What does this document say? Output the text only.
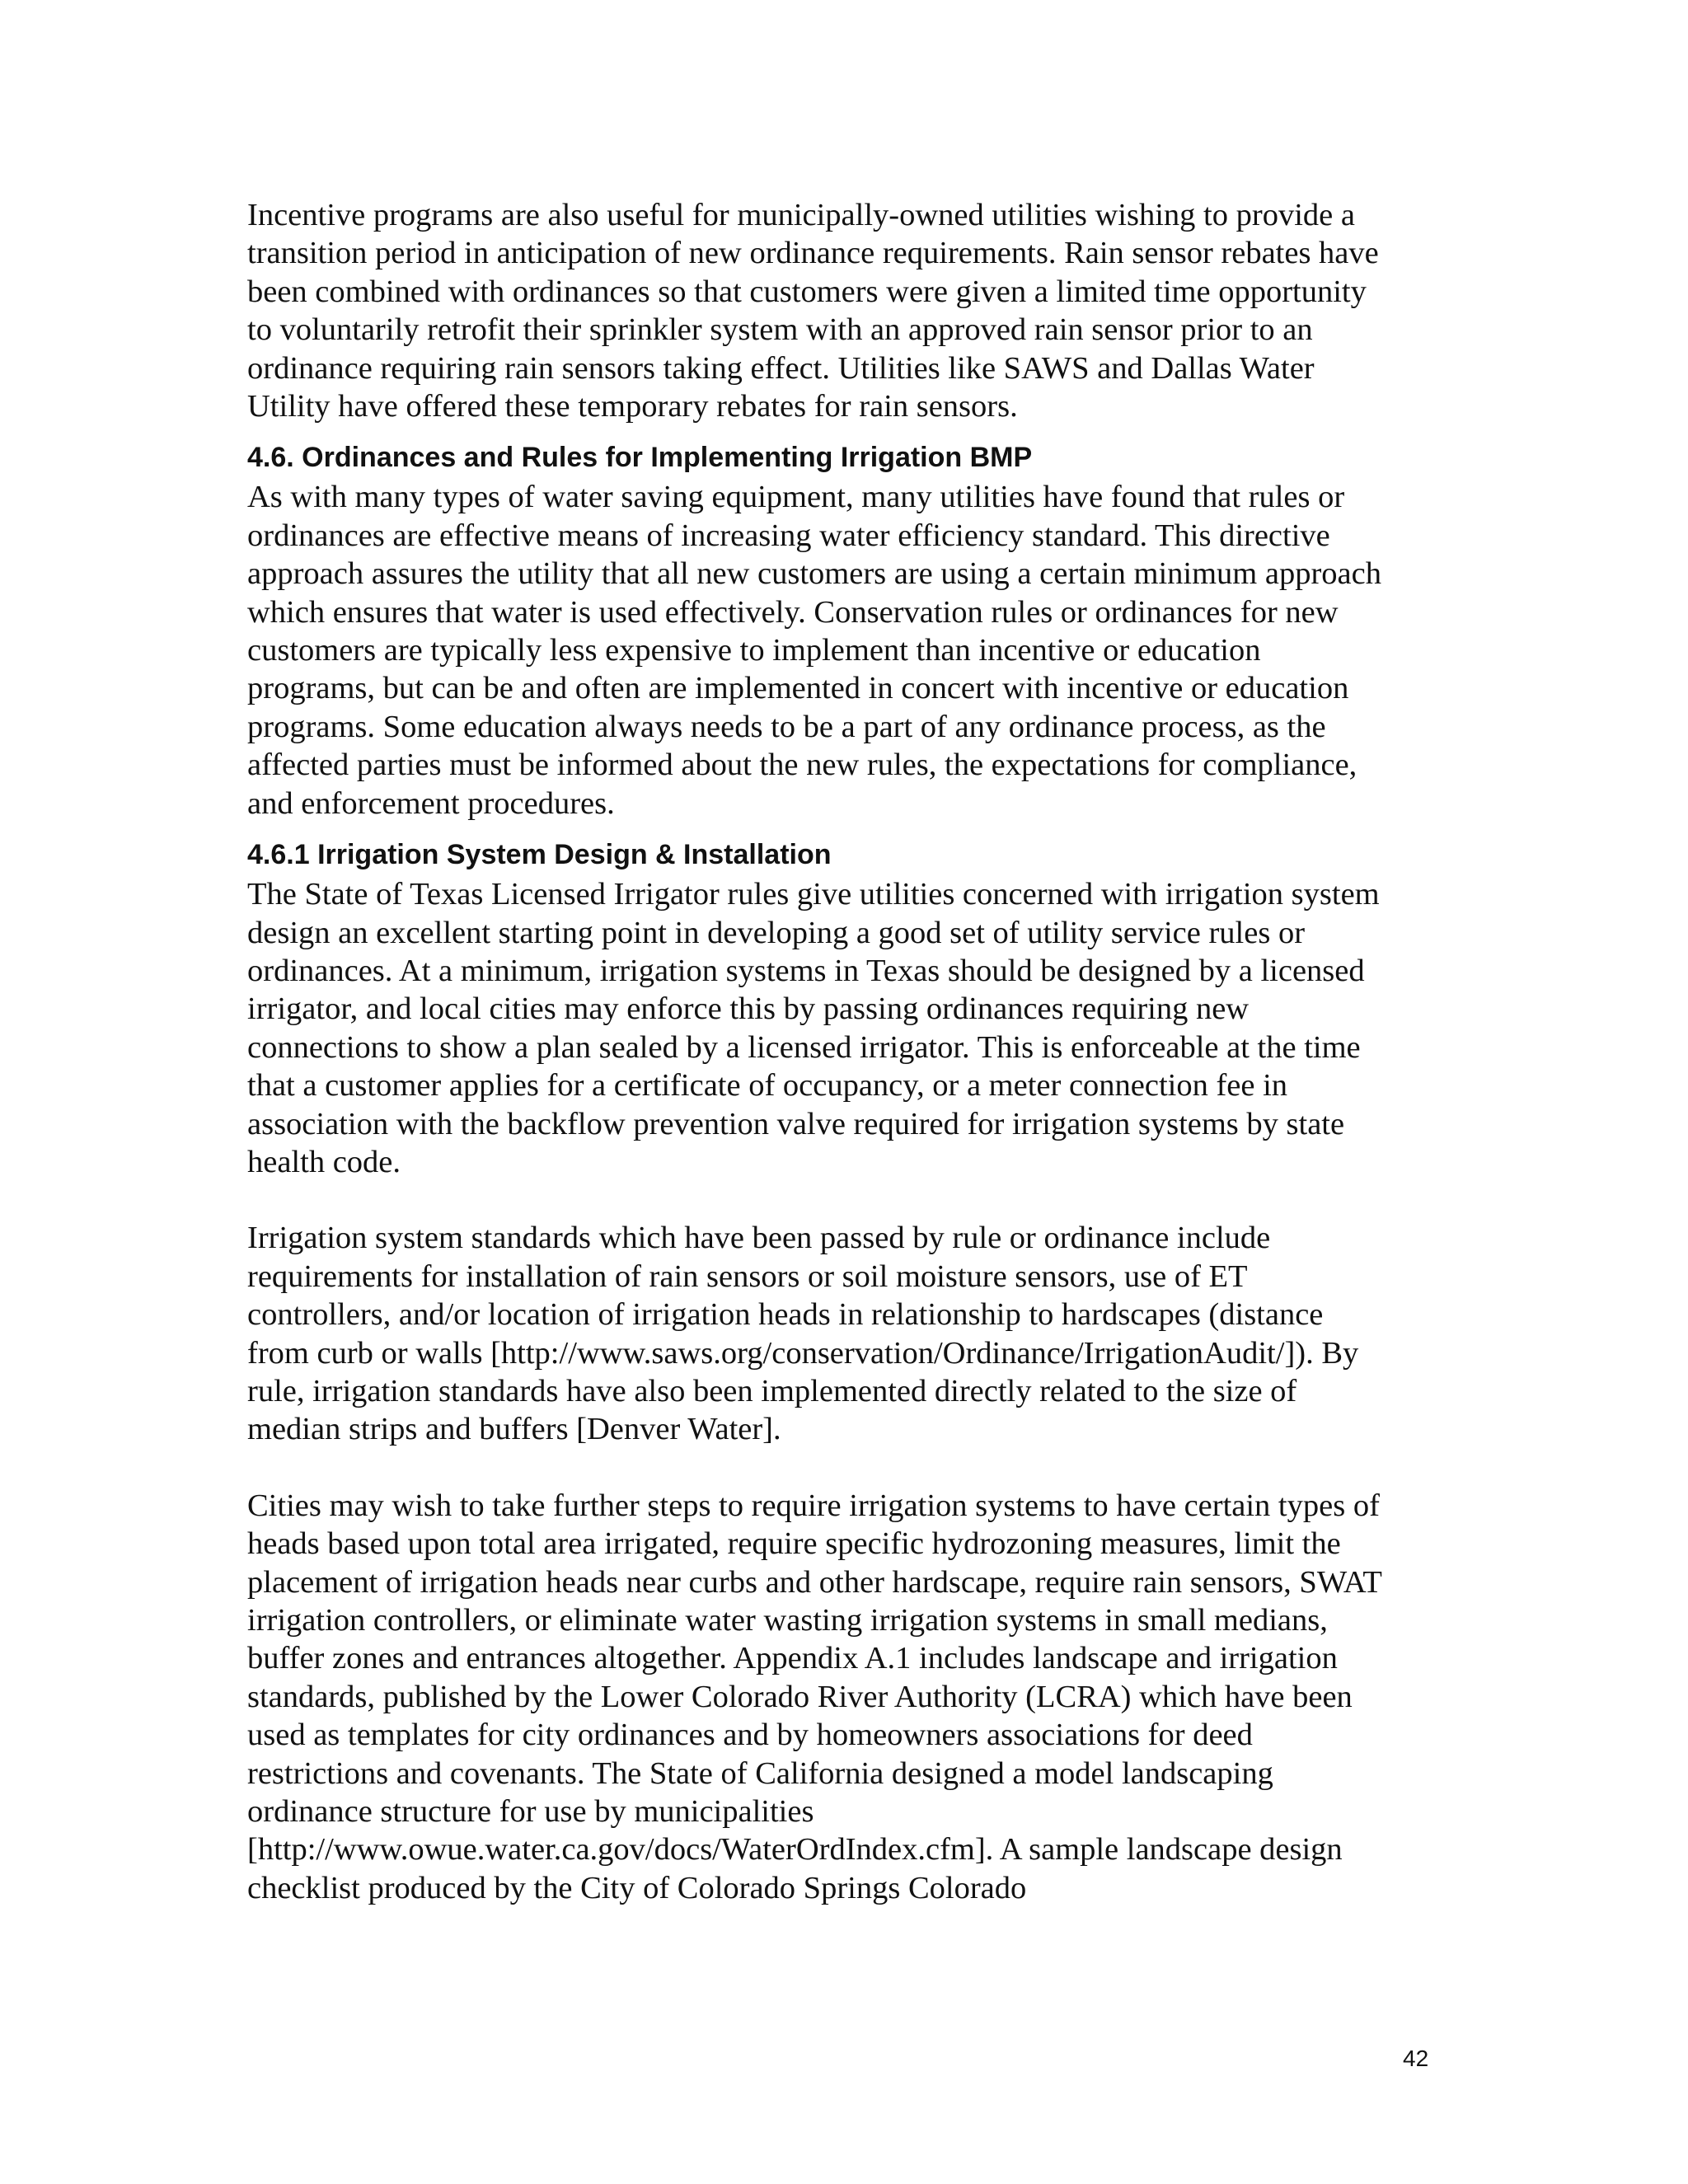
Incentive programs are also useful for municipally-owned utilities wishing to provide a
transition period in anticipation of new ordinance requirements. Rain sensor rebates have
been combined with ordinances so that customers were given a limited time opportunity
to voluntarily retrofit their sprinkler system with an approved rain sensor prior to an
ordinance requiring rain sensors taking effect. Utilities like SAWS and Dallas Water
Utility have offered these temporary rebates for rain sensors.

4.6. Ordinances and Rules for Implementing Irrigation BMP

As with many types of water saving equipment, many utilities have found that rules or
ordinances are effective means of increasing water efficiency standard. This directive
approach assures the utility that all new customers are using a certain minimum approach
which ensures that water is used effectively. Conservation rules or ordinances for new
customers are typically less expensive to implement than incentive or education
programs, but can be and often are implemented in concert with incentive or education
programs. Some education always needs to be a part of any ordinance process, as the
affected parties must be informed about the new rules, the expectations for compliance,
and enforcement procedures.

4.6.1 Irrigation System Design & Installation

The State of Texas Licensed Irrigator rules give utilities concerned with irrigation system
design an excellent starting point in developing a good set of utility service rules or
ordinances. At a minimum, irrigation systems in Texas should be designed by a licensed
irrigator, and local cities may enforce this by passing ordinances requiring new
connections to show a plan sealed by a licensed irrigator. This is enforceable at the time
that a customer applies for a certificate of occupancy, or a meter connection fee in
association with the backflow prevention valve required for irrigation systems by state
health code.

Irrigation system standards which have been passed by rule or ordinance include
requirements for installation of rain sensors or soil moisture sensors, use of ET
controllers, and/or location of irrigation heads in relationship to hardscapes (distance
from curb or walls [http://www.saws.org/conservation/Ordinance/IrrigationAudit/]). By
rule, irrigation standards have also been implemented directly related to the size of
median strips and buffers [Denver Water].

Cities may wish to take further steps to require irrigation systems to have certain types of
heads based upon total area irrigated, require specific hydrozoning measures, limit the
placement of irrigation heads near curbs and other hardscape, require rain sensors, SWAT
irrigation controllers, or eliminate water wasting irrigation systems in small medians,
buffer zones and entrances altogether. Appendix A.1 includes landscape and irrigation
standards, published by the Lower Colorado River Authority (LCRA) which have been
used as templates for city ordinances and by homeowners associations for deed
restrictions and covenants. The State of California designed a model landscaping
ordinance structure for use by municipalities
[http://www.owue.water.ca.gov/docs/WaterOrdIndex.cfm]. A sample landscape design
checklist produced by the City of Colorado Springs Colorado

42
